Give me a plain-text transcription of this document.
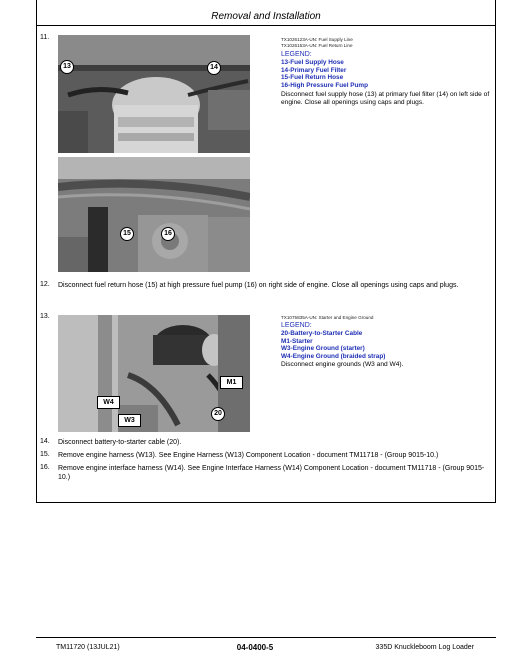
Removal and Installation
11.
13	14
15	16
TX1026123A-UN: Fuel Supply Line
TX1026153A-UN: Fuel Return Line
LEGEND:
13-Fuel Supply Hose
14-Primary Fuel Filter
15-Fuel Return Hose
16-High Pressure Fuel Pump
Disconnect fuel supply hose (13) at primary fuel filter (14) on left side of engine. Close all openings using caps and plugs.
12. Disconnect fuel return hose (15) at high pressure fuel pump (16) on right side of engine. Close all openings using caps and plugs.
13.
M1
W4
W3
20
TX1075835A-UN: Starter and Engine Ground
LEGEND:
20-Battery-to-Starter Cable
M1-Starter
W3-Engine Ground (starter)
W4-Engine Ground (braided strap)
Disconnect engine grounds (W3 and W4).
14. Disconnect battery-to-starter cable (20).
15. Remove engine harness (W13). See Engine Harness (W13) Component Location - document TM11718 - (Group 9015-10.)
16. Remove engine interface harness (W14). See Engine Interface Harness (W14) Component Location - document TM11718 - (Group 9015-10.)
TM11720 (13JUL21)	04-0400-5	335D Knuckleboom Log Loader
